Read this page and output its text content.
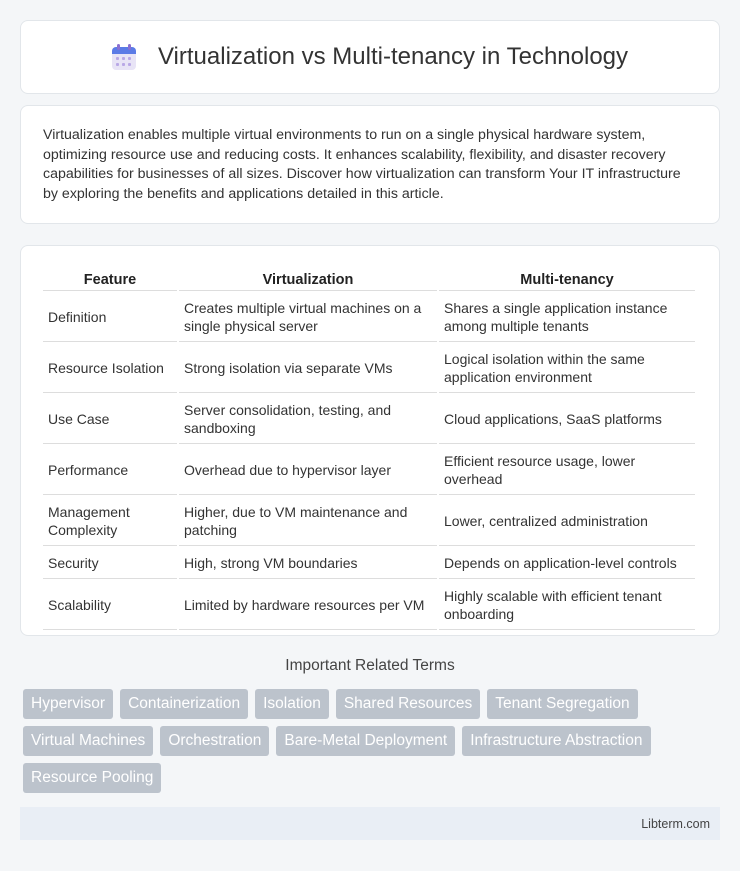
Virtualization vs Multi-tenancy in Technology

Virtualization enables multiple virtual environments to run on a single physical hardware system, optimizing resource use and reducing costs. It enhances scalability, flexibility, and disaster recovery capabilities for businesses of all sizes. Discover how virtualization can transform Your IT infrastructure by exploring the benefits and applications detailed in this article.

Feature	Virtualization	Multi-tenancy
Definition	Creates multiple virtual machines on a single physical server	Shares a single application instance among multiple tenants
Resource Isolation	Strong isolation via separate VMs	Logical isolation within the same application environment
Use Case	Server consolidation, testing, and sandboxing	Cloud applications, SaaS platforms
Performance	Overhead due to hypervisor layer	Efficient resource usage, lower overhead
Management Complexity	Higher, due to VM maintenance and patching	Lower, centralized administration
Security	High, strong VM boundaries	Depends on application-level controls
Scalability	Limited by hardware resources per VM	Highly scalable with efficient tenant onboarding
Important Related Terms
Hypervisor	Containerization	Isolation	Shared Resources	Tenant Segregation
Virtual Machines	Orchestration	Bare-Metal Deployment	Infrastructure Abstraction
Resource Pooling
Libterm.com
